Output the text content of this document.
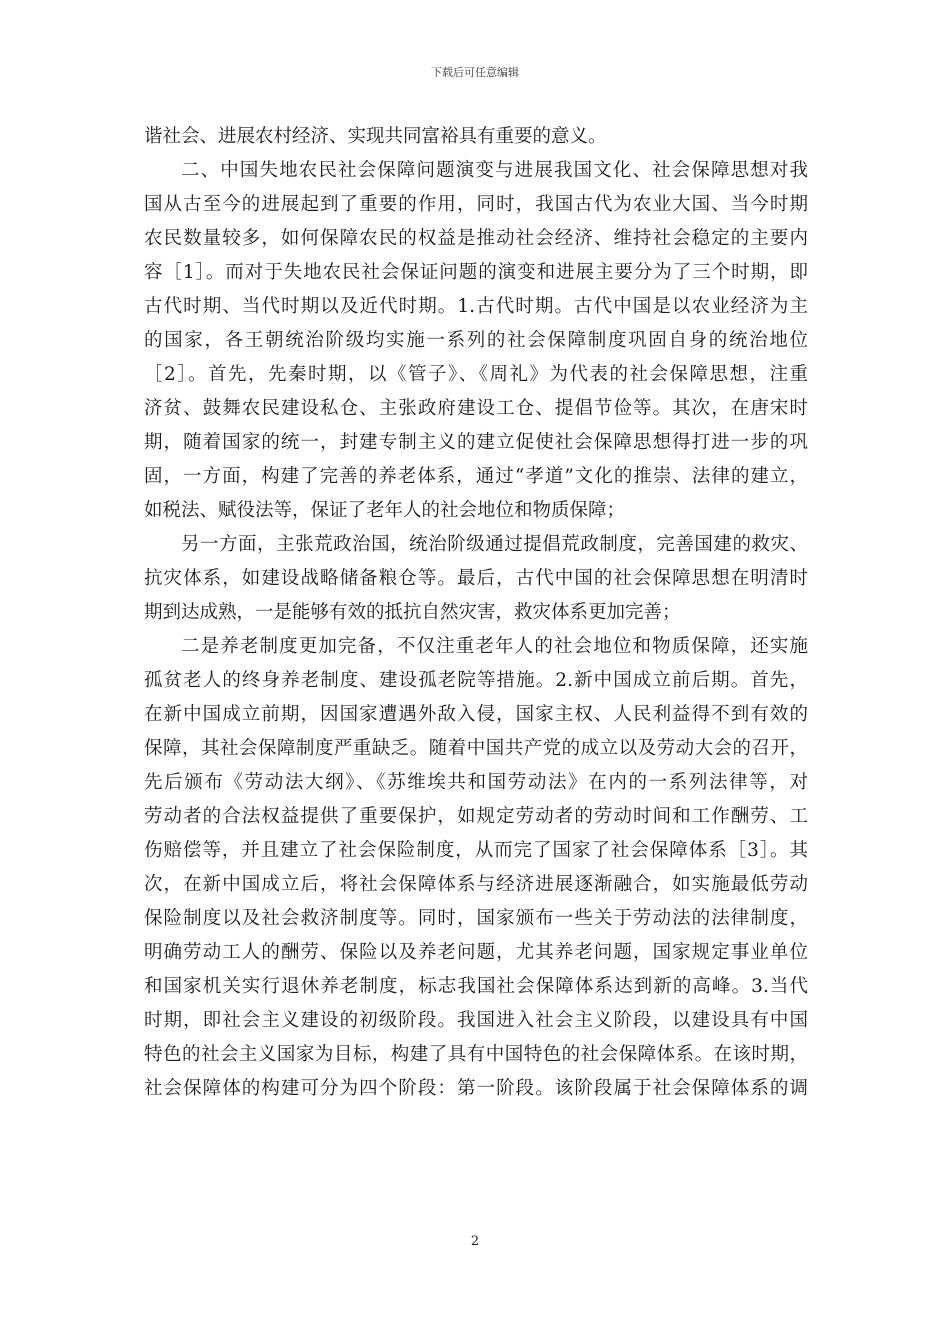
下载后可任意编辑
谐社会、进展农村经济、实现共同富裕具有重要的意义。
二、中国失地农民社会保障问题演变与进展我国文化、社会保障思想对我
国从古至今的进展起到了重要的作用，同时，我国古代为农业大国、当今时期
农民数量较多，如何保障农民的权益是推动社会经济、维持社会稳定的主要内
容［1］。而对于失地农民社会保证问题的演变和进展主要分为了三个时期，即
古代时期、当代时期以及近代时期。1.古代时期。古代中国是以农业经济为主
的国家，各王朝统治阶级均实施一系列的社会保障制度巩固自身的统治地位
［2］。首先，先秦时期，以《管子》、《周礼》为代表的社会保障思想，注重
济贫、鼓舞农民建设私仓、主张政府建设工仓、提倡节俭等。其次，在唐宋时
期，随着国家的统一，封建专制主义的建立促使社会保障思想得打进一步的巩
固，一方面，构建了完善的养老体系，通过“孝道”文化的推崇、法律的建立，
如税法、赋役法等，保证了老年人的社会地位和物质保障；
另一方面，主张荒政治国，统治阶级通过提倡荒政制度，完善国建的救灾、
抗灾体系，如建设战略储备粮仓等。最后，古代中国的社会保障思想在明清时
期到达成熟，一是能够有效的抵抗自然灾害，救灾体系更加完善；
二是养老制度更加完备，不仅注重老年人的社会地位和物质保障，还实施
孤贫老人的终身养老制度、建设孤老院等措施。2.新中国成立前后期。首先，
在新中国成立前期，因国家遭遇外敌入侵，国家主权、人民利益得不到有效的
保障，其社会保障制度严重缺乏。随着中国共产党的成立以及劳动大会的召开，
先后颁布《劳动法大纲》、《苏维埃共和国劳动法》在内的一系列法律等，对
劳动者的合法权益提供了重要保护，如规定劳动者的劳动时间和工作酬劳、工
伤赔偿等，并且建立了社会保险制度，从而完了国家了社会保障体系［3］。其
次，在新中国成立后，将社会保障体系与经济进展逐渐融合，如实施最低劳动
保险制度以及社会救济制度等。同时，国家颁布一些关于劳动法的法律制度，
明确劳动工人的酬劳、保险以及养老问题，尤其养老问题，国家规定事业单位
和国家机关实行退休养老制度，标志我国社会保障体系达到新的高峰。3.当代
时期，即社会主义建设的初级阶段。我国进入社会主义阶段，以建设具有中国
特色的社会主义国家为目标，构建了具有中国特色的社会保障体系。在该时期，
社会保障体的构建可分为四个阶段：第一阶段。该阶段属于社会保障体系的调
2
